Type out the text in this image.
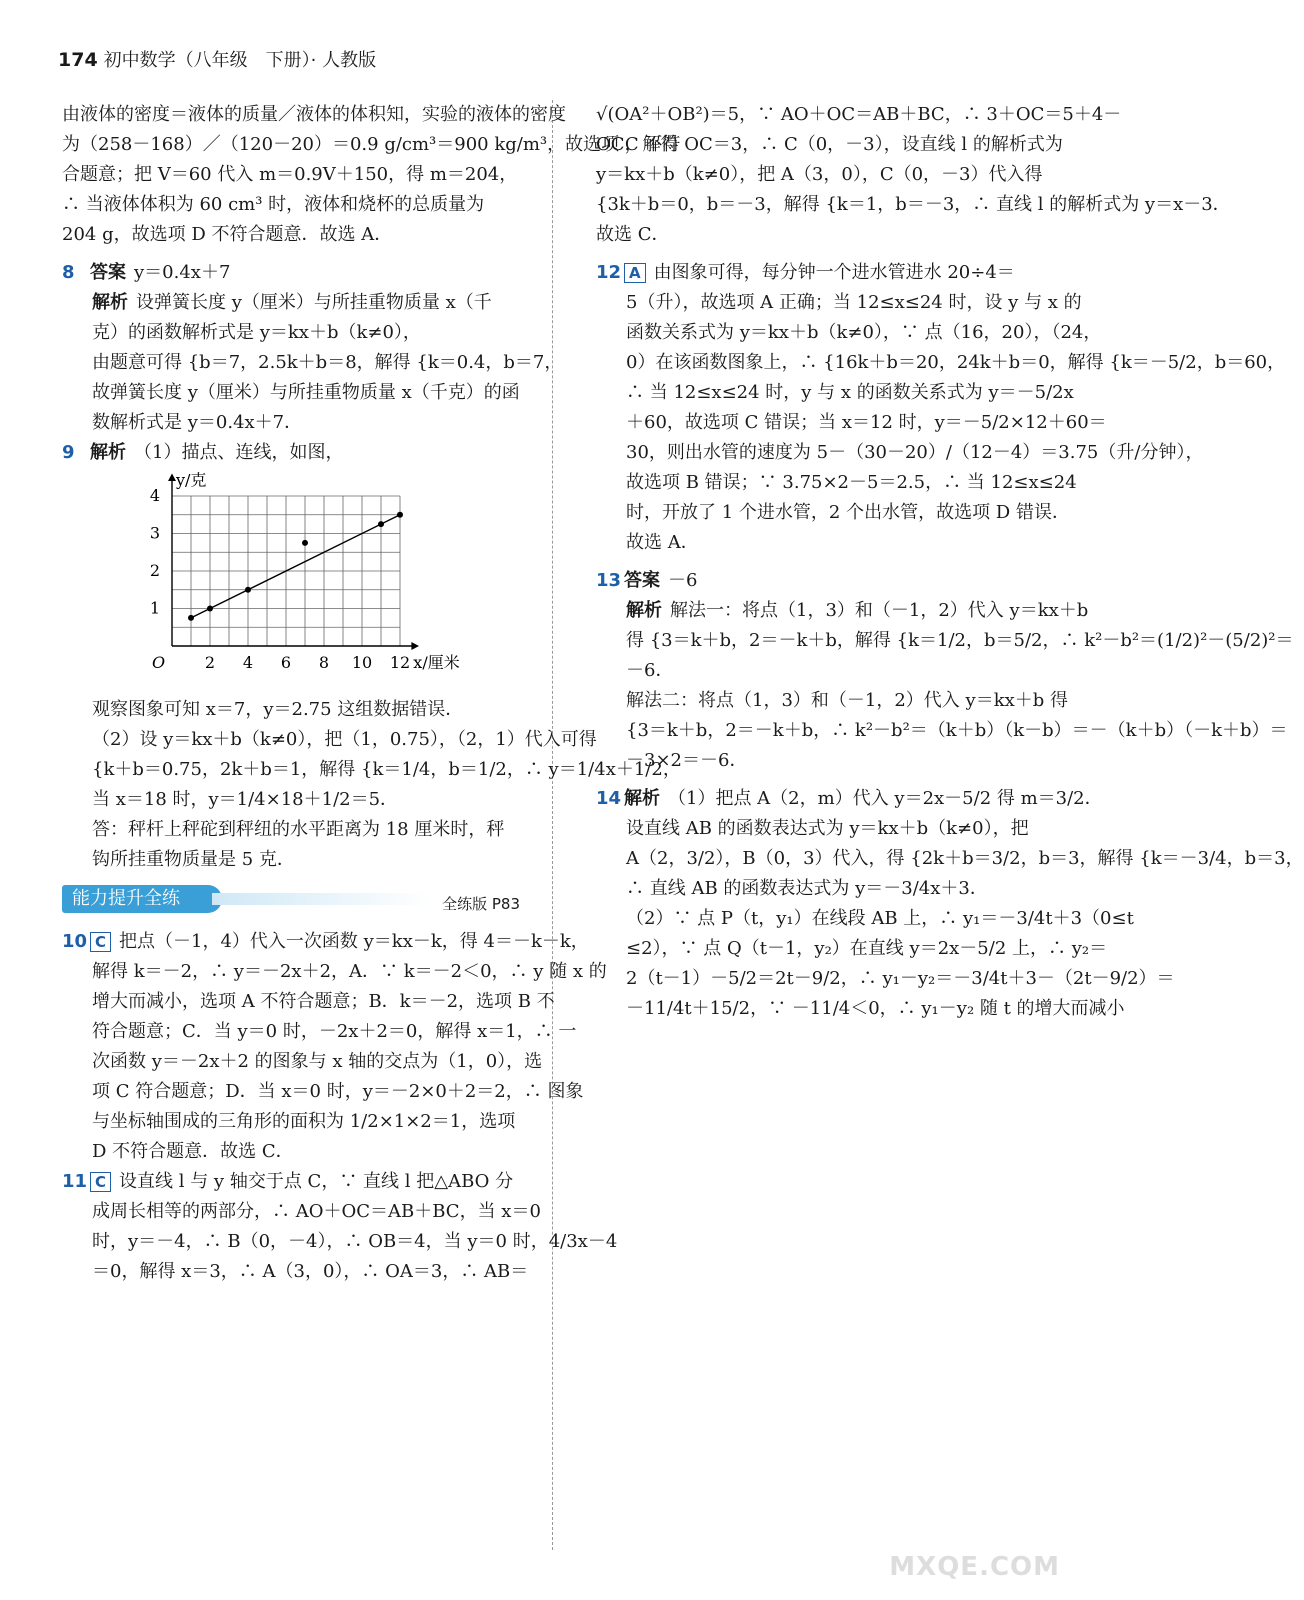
174 初中数学（八年级　下册）· 人教版
由液体的密度＝液体的质量／液体的体积知，实验的液体的密度
为（258－168）／（120－20）＝0.9 g/cm³＝900 kg/m³，故选项 C 不符
合题意；把 V＝60 代入 m＝0.9V＋150，得 m＝204，
∴ 当液体体积为 60 cm³ 时，液体和烧杯的总质量为
204 g，故选项 D 不符合题意．故选 A．
8 答案 y＝0.4x＋7
解析 设弹簧长度 y（厘米）与所挂重物质量 x（千
克）的函数解析式是 y＝kx＋b（k≠0），
由题意可得 {b＝7，2.5k＋b＝8，解得 {k＝0.4，b＝7，
故弹簧长度 y（厘米）与所挂重物质量 x（千克）的函
数解析式是 y＝0.4x＋7．
9 解析 （1）描点、连线，如图，
2 4 6 8 10 12
1
2
3
4
O	x/厘米
y/克
观察图象可知 x＝7，y＝2.75 这组数据错误．
（2）设 y＝kx＋b（k≠0），把（1，0.75），（2，1）代入可得
{k＋b＝0.75，2k＋b＝1，解得 {k＝1/4，b＝1/2，∴ y＝1/4x＋1/2，
当 x＝18 时，y＝1/4×18＋1/2＝5．
答：秤杆上秤砣到秤纽的水平距离为 18 厘米时，秤
钩所挂重物质量是 5 克．
能力提升全练	全练版 P83
10 C 把点（－1，4）代入一次函数 y＝kx－k，得 4＝－k－k，
解得 k＝－2，∴ y＝－2x＋2，A．∵ k＝－2＜0，∴ y 随 x 的
增大而减小，选项 A 不符合题意；B．k＝－2，选项 B 不
符合题意；C．当 y＝0 时，－2x＋2＝0，解得 x＝1，∴ 一
次函数 y＝－2x＋2 的图象与 x 轴的交点为（1，0），选
项 C 符合题意；D．当 x＝0 时，y＝－2×0＋2＝2，∴ 图象
与坐标轴围成的三角形的面积为 1/2×1×2＝1，选项
D 不符合题意．故选 C．
11 C 设直线 l 与 y 轴交于点 C，∵ 直线 l 把△ABO 分
成周长相等的两部分，∴ AO＋OC＝AB＋BC，当 x＝0
时，y＝－4，∴ B（0，－4），∴ OB＝4，当 y＝0 时，4/3x－4
＝0，解得 x＝3，∴ A（3，0），∴ OA＝3，∴ AB＝
√(OA²＋OB²)＝5，∵ AO＋OC＝AB＋BC，∴ 3＋OC＝5＋4－
OC，解得 OC＝3，∴ C（0，－3），设直线 l 的解析式为
y＝kx＋b（k≠0），把 A（3，0），C（0，－3）代入得
{3k＋b＝0，b＝－3，解得 {k＝1，b＝－3，∴ 直线 l 的解析式为 y＝x－3．
故选 C．
12 A 由图象可得，每分钟一个进水管进水 20÷4＝
5（升），故选项 A 正确；当 12≤x≤24 时，设 y 与 x 的
函数关系式为 y＝kx＋b（k≠0），∵ 点（16，20），（24，
0）在该函数图象上，∴ {16k＋b＝20，24k＋b＝0，解得 {k＝－5/2，b＝60，
∴ 当 12≤x≤24 时，y 与 x 的函数关系式为 y＝－5/2x
＋60，故选项 C 错误；当 x＝12 时，y＝－5/2×12＋60＝
30，则出水管的速度为 5－（30－20）/（12－4）＝3.75（升/分钟），
故选项 B 错误；∵ 3.75×2－5＝2.5，∴ 当 12≤x≤24
时，开放了 1 个进水管，2 个出水管，故选项 D 错误．
故选 A．
13 答案 －6
解析 解法一：将点（1，3）和（－1，2）代入 y＝kx＋b
得 {3＝k＋b，2＝－k＋b，解得 {k＝1/2，b＝5/2，∴ k²－b²＝(1/2)²－(5/2)²＝
－6．
解法二：将点（1，3）和（－1，2）代入 y＝kx＋b 得
{3＝k＋b，2＝－k＋b，∴ k²－b²＝（k＋b）（k－b）＝－（k＋b）（－k＋b）＝
－3×2＝－6．
14 解析 （1）把点 A（2，m）代入 y＝2x－5/2 得 m＝3/2．
设直线 AB 的函数表达式为 y＝kx＋b（k≠0），把
A（2，3/2），B（0，3）代入，得 {2k＋b＝3/2，b＝3，解得 {k＝－3/4，b＝3，
∴ 直线 AB 的函数表达式为 y＝－3/4x＋3．
（2）∵ 点 P（t，y₁）在线段 AB 上，∴ y₁＝－3/4t＋3（0≤t
≤2），∵ 点 Q（t－1，y₂）在直线 y＝2x－5/2 上，∴ y₂＝
2（t－1）－5/2＝2t－9/2，∴ y₁－y₂＝－3/4t＋3－（2t－9/2）＝
－11/4t＋15/2，∵ －11/4＜0，∴ y₁－y₂ 随 t 的增大而减小
MXQE.COM
